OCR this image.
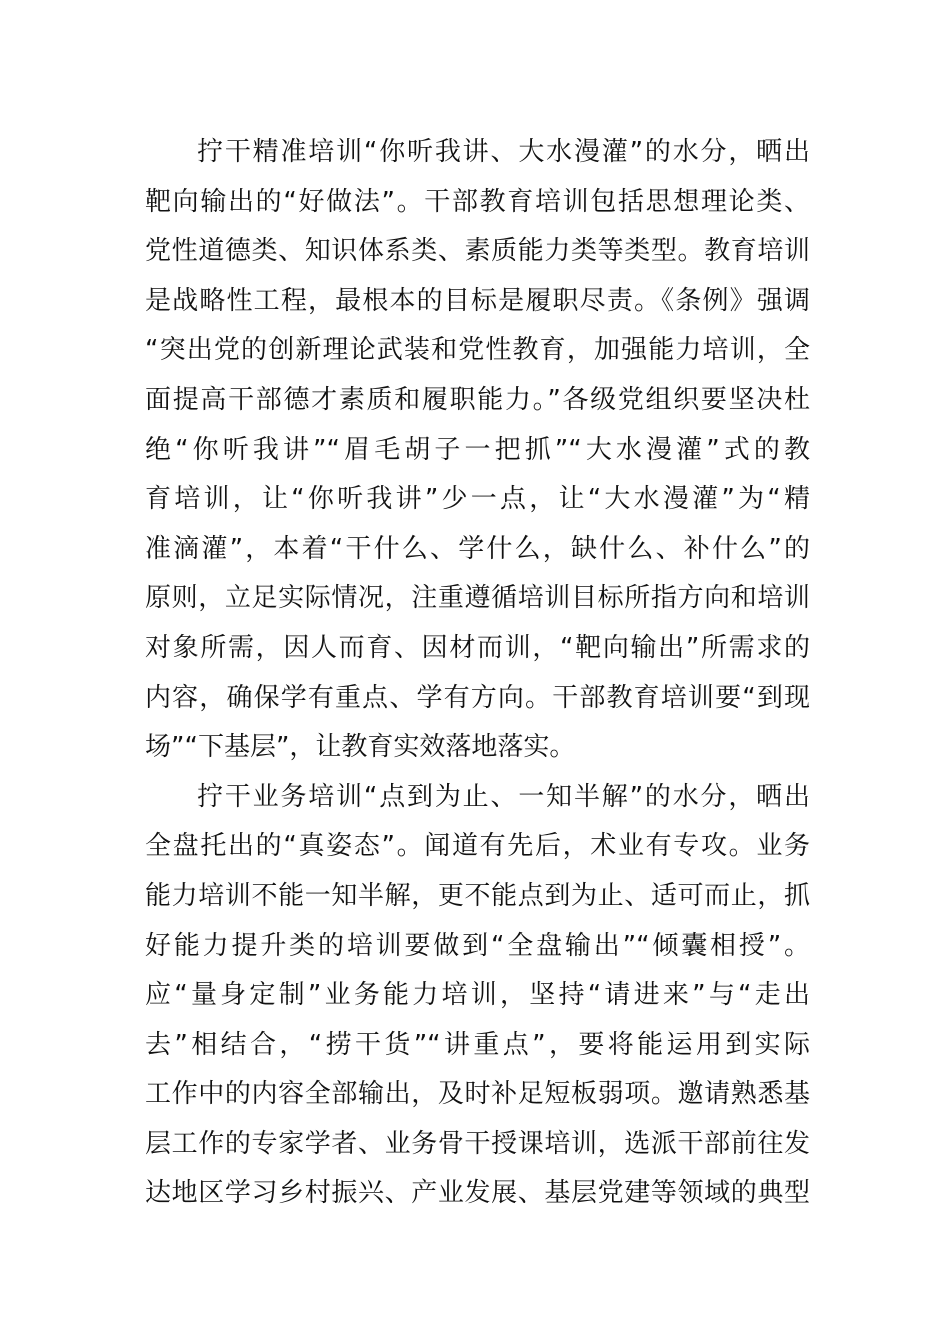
拧干精准培训“你听我讲、大水漫灌”的水分，晒出
靶向输出的“好做法”。干部教育培训包括思想理论类、
党性道德类、知识体系类、素质能力类等类型。教育培训
是战略性工程，最根本的目标是履职尽责。《条例》强调
“突出党的创新理论武装和党性教育，加强能力培训，全
面提高干部德才素质和履职能力。”各级党组织要坚决杜
绝“你听我讲”“眉毛胡子一把抓”“大水漫灌”式的教
育培训，让“你听我讲”少一点，让“大水漫灌”为“精
准滴灌”，本着“干什么、学什么，缺什么、补什么”的
原则，立足实际情况，注重遵循培训目标所指方向和培训
对象所需，因人而育、因材而训，“靶向输出”所需求的
内容，确保学有重点、学有方向。干部教育培训要“到现
场”“下基层”，让教育实效落地落实。
拧干业务培训“点到为止、一知半解”的水分，晒出
全盘托出的“真姿态”。闻道有先后，术业有专攻。业务
能力培训不能一知半解，更不能点到为止、适可而止，抓
好能力提升类的培训要做到“全盘输出”“倾囊相授”。
应“量身定制”业务能力培训，坚持“请进来”与“走出
去”相结合，“捞干货”“讲重点”，要将能运用到实际
工作中的内容全部输出，及时补足短板弱项。邀请熟悉基
层工作的专家学者、业务骨干授课培训，选派干部前往发
达地区学习乡村振兴、产业发展、基层党建等领域的典型
